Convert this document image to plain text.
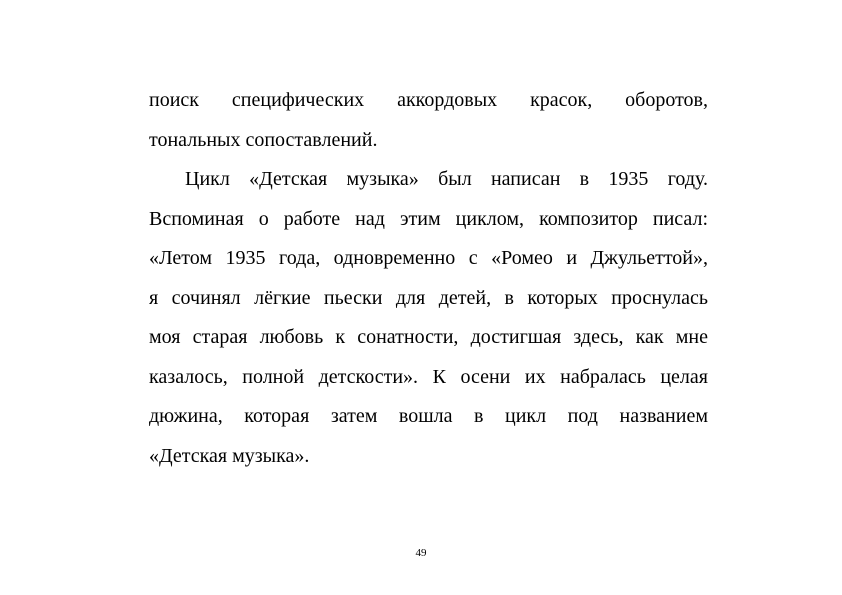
поиск специфических аккордовых красок, оборотов,
тональных сопоставлений.
Цикл «Детская музыка» был написан в 1935 году.
Вспоминая о работе над этим циклом, композитор писал:
«Летом 1935 года, одновременно с «Ромео и Джульеттой»,
я сочинял лёгкие пьески для детей, в которых проснулась
моя старая любовь к сонатности, достигшая здесь, как мне
казалось, полной детскости». К осени их набралась целая
дюжина, которая затем вошла в цикл под названием
«Детская музыка».
49
